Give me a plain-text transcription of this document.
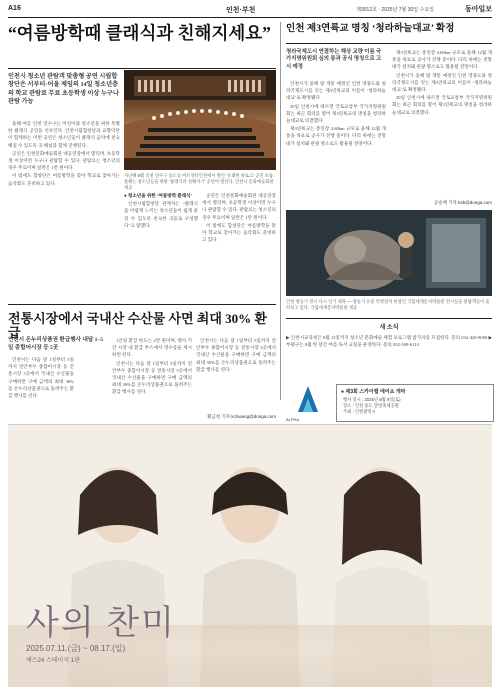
A16	인천·부천	제3012호 · 2025년 7월 30일 수요일	동아일보
“여름방학때 클래식과 친해지세요”
인천시 청소년 관람객 맞춤형 공연 시립합창단은 서부터·어울 제임의 14일 청소년층의 학교 관람료 무료 초등학생 이상 누구나 관람 가능
지난해 8월 인천 연수구 송도동 아트센터인천에서 열린 ‘유쾌한 바로크’ 공연 모습. 올해는 청소년들을 위한 ‘클래식과 친해지기’ 공연이 열린다. 인천시 문화예술회관 제공

올해 여름 인천 연수구는 어린이와 청소년을 위한 특별한 클래식 공연을 선보인다. 인천시립합창단과 교향악단이 함께하는 이번 공연은 청소년들이 클래식 음악에 친숙해질 수 있도록 곡 해설과 함께 진행된다.

공연은 인천문화예술회관 대공연장에서 열리며, 초등학생 이상이면 누구나 관람할 수 있다. 관람료는 청소년의 경우 무료이며 일반은 1만 원이다.

이 밖에도 합창단은 여름방학을 맞아 학교로 찾아가는 음악회도 준비하고 있다.

● 청소년을 위한 ‘여름방학 클래식’

인천시립합창단 관계자는 “클래식을 어렵게 느끼는 청소년들이 쉽게 즐길 수 있도록 친숙한 곡들로 구성했다”고 말했다.

공연은 인천문화예술회관 대공연장에서 열리며, 초등학생 이상이면 누구나 관람할 수 있다. 관람료는 청소년의 경우 무료이며 일반은 1만 원이다.

이 밖에도 합창단은 여름방학을 맞아 학교로 찾아가는 음악회도 준비하고 있다.

인천 제3연륙교 명칭 ‘청라하늘대교’ 확정
청라국제도시 연결하는 해상 교량 이름 국가지명위원회 심의 통과 공식 명칭으로 고시 예정

인천시가 올해 말 개통 예정인 인천 영종도와 청라국제도시를 잇는 제3연륙교의 이름이 ‘청라하늘대교’로 확정됐다.

29일 인천시에 따르면 국토교통부 국가지명위원회는 최근 회의를 열어 제3연륙교의 명칭을 청라하늘대교로 의결했다.

제3연륙교는 총연장 4.68km 규모로 올해 12월 개통을 목표로 공사가 진행 중이다. 다리 위에는 전망대가 설치돼 관광 명소로도 활용될 전망이다.

제3연륙교는 총연장 4.68km 규모로 올해 12월 개통을 목표로 공사가 진행 중이다. 다리 위에는 전망대가 설치돼 관광 명소로도 활용될 전망이다.

인천시가 올해 말 개통 예정인 인천 영종도와 청라국제도시를 잇는 제3연륙교의 이름이 ‘청라하늘대교’로 확정됐다.

29일 인천시에 따르면 국토교통부 국가지명위원회는 최근 회의를 열어 제3연륙교의 명칭을 청라하늘대교로 의결했다.

공승배 기자 ksb@donga.com
인천 청동기 전시 다시 인기 제목 — 청동기 유물 특별전이 한창인 국립세계문자박물관 전시실을 관람객들이 둘러보고 있다. 국립세계문자박물관 제공
새 소식
▶ 인천시교육청은 8월 12일까지 청소년 문화예술 체험 프로그램 참가자를 모집한다. 문의 032-420-8000 ▶ 부평구는 8월 한 달간 여름 독서 교실을 운영한다. 문의 032-509-6114
ALPHA
● 제3회 스카이랩 에어쇼 개막
행사 일시 : 2025년 8월 9일(토)
장소 : 인천 송도 달빛축제공원
주최 : 인천광역시
전통시장에서 국내산 수산물 사면 최대 30% 환급
인천시 온누리상품권 환급행사 내달 1~5일 종합어시장 등 5곳

인천시는 다음 달 1일부터 5일까지 연안부두 종합어시장 등 전통시장 5곳에서 국내산 수산물을 구매하면 구매 금액의 최대 30%를 온누리상품권으로 돌려주는 환급 행사를 연다.

1인당 환급 한도는 2만 원이며, 행사 기간 시장 내 환급 부스에서 영수증을 제시하면 된다.

인천시는 다음 달 1일부터 5일까지 연안부두 종합어시장 등 전통시장 5곳에서 국내산 수산물을 구매하면 구매 금액의 최대 30%를 온누리상품권으로 돌려주는 환급 행사를 연다.

인천시는 다음 달 1일부터 5일까지 연안부두 종합어시장 등 전통시장 5곳에서 국내산 수산물을 구매하면 구매 금액의 최대 30%를 온누리상품권으로 돌려주는 환급 행사를 연다.

황금천 기자 kchwang@donga.com
사의 찬미
2025.07.11.(금) ~ 08.17.(일)
예스24 스테이지 1관
